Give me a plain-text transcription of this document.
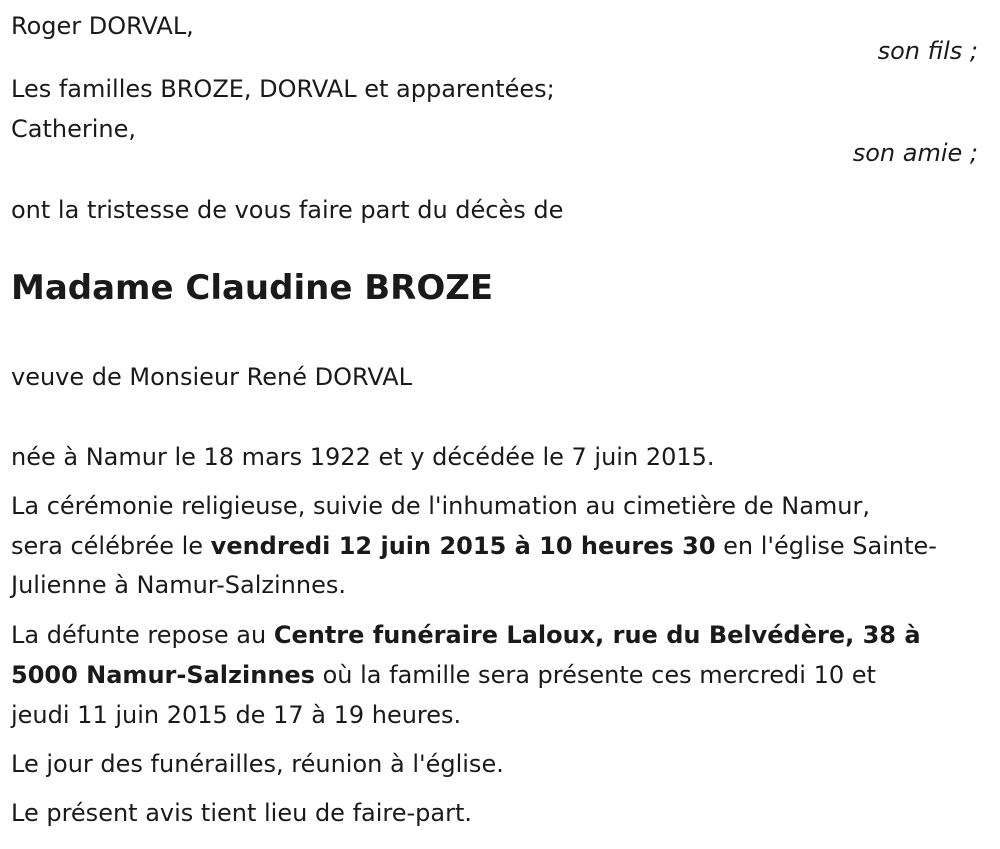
Roger DORVAL,
son fils ;
Les familles BROZE, DORVAL et apparentées;
Catherine,
son amie ;
ont la tristesse de vous faire part du décès de
Madame Claudine BROZE
veuve de Monsieur René DORVAL
née à Namur le 18 mars 1922 et y décédée le 7 juin 2015.
La cérémonie religieuse, suivie de l'inhumation au cimetière de Namur,
sera célébrée le vendredi 12 juin 2015 à 10 heures 30 en l'église Sainte-
Julienne à Namur-Salzinnes.
La défunte repose au Centre funéraire Laloux, rue du Belvédère, 38 à
5000 Namur-Salzinnes où la famille sera présente ces mercredi 10 et
jeudi 11 juin 2015 de 17 à 19 heures.
Le jour des funérailles, réunion à l'église.
Le présent avis tient lieu de faire-part.
